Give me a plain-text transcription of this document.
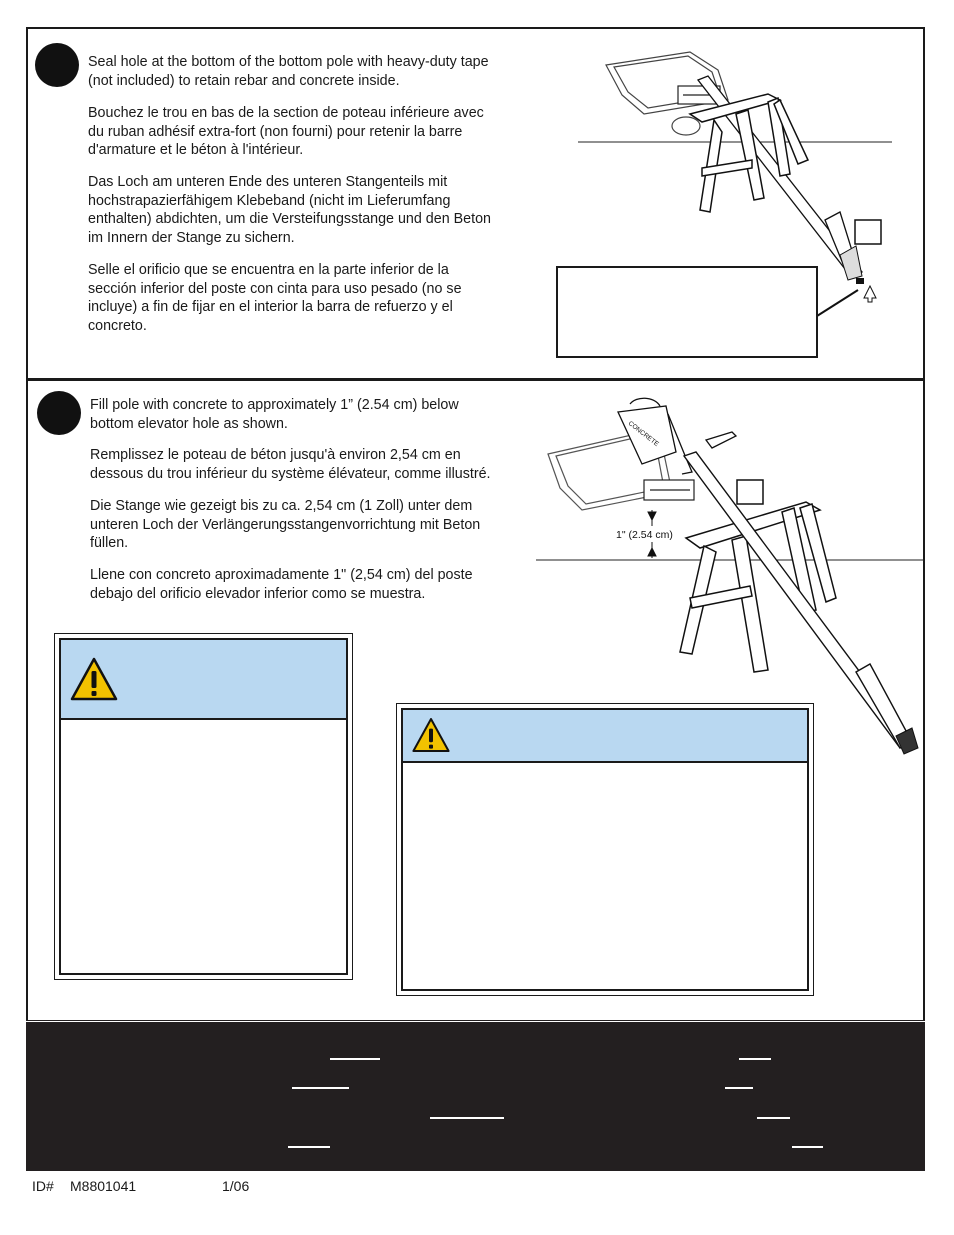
Seal hole at the bottom of the bottom pole with heavy-duty tape
(not included) to retain rebar and concrete inside.

Bouchez le trou en bas de la section de poteau inférieure avec
du ruban adhésif extra-fort (non fourni) pour retenir la barre
d'armature et le béton à l'intérieur.

Das Loch am unteren Ende des unteren Stangenteils mit
hochstrapazierfähigem Klebeband (nicht im Lieferumfang
enthalten) abdichten, um die Versteifungsstange und den Beton
im Innern der Stange zu sichern.

Selle el orificio que se encuentra en la parte inferior de la
sección inferior del poste con cinta para uso pesado (no se
incluye) a fin de fijar en el interior la barra de refuerzo y el
concreto.

Fill pole with concrete to approximately 1” (2.54 cm) below
bottom elevator hole as shown.

Remplissez le poteau de béton jusqu'à environ 2,54 cm en
dessous du trou inférieur du système élévateur, comme illustré.

Die Stange wie gezeigt bis zu ca. 2,54 cm (1 Zoll) unter dem
unteren Loch der Verlängerungsstangenvorrichtung mit Beton
füllen.

Llene con concreto aproximadamente 1" (2,54 cm) del poste
debajo del orificio elevador inferior como se muestra.

CONCRETE
1" (2.54 cm)
ID# M8801041	1/06
